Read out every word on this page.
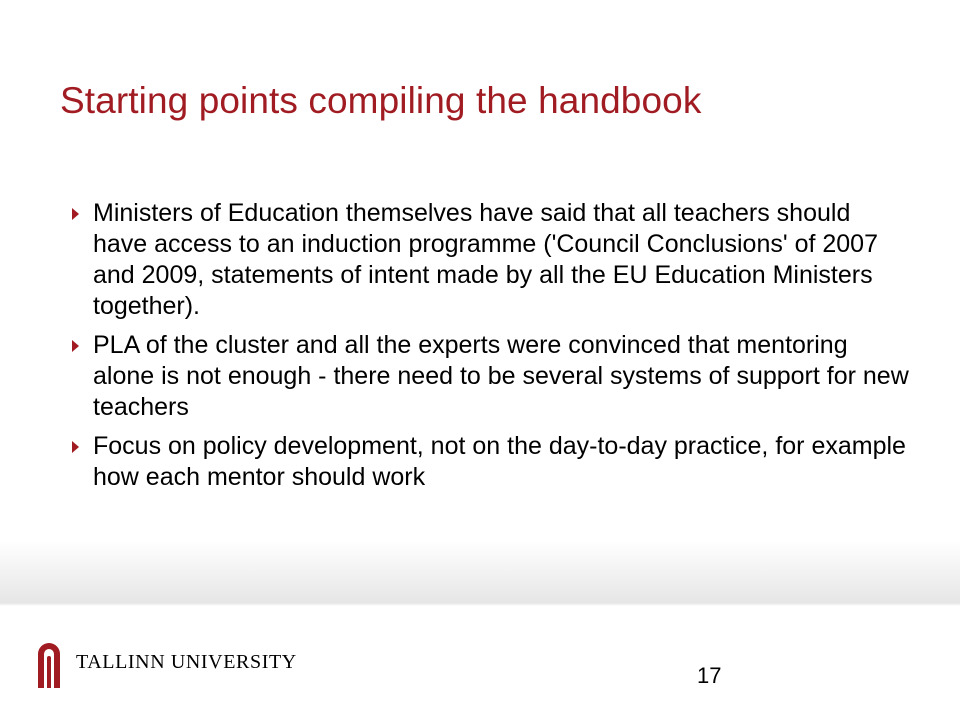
Starting points compiling the handbook
Ministers of Education themselves have said that all teachers should have access to an induction programme ('Council Conclusions' of 2007 and 2009, statements of intent made by all the EU Education Ministers together).
PLA of the cluster and all the experts were convinced that mentoring alone is not enough - there need to be several systems of support for new teachers
Focus on policy development, not on the day-to-day practice, for example how each mentor should work
TALLINN UNIVERSITY
17
